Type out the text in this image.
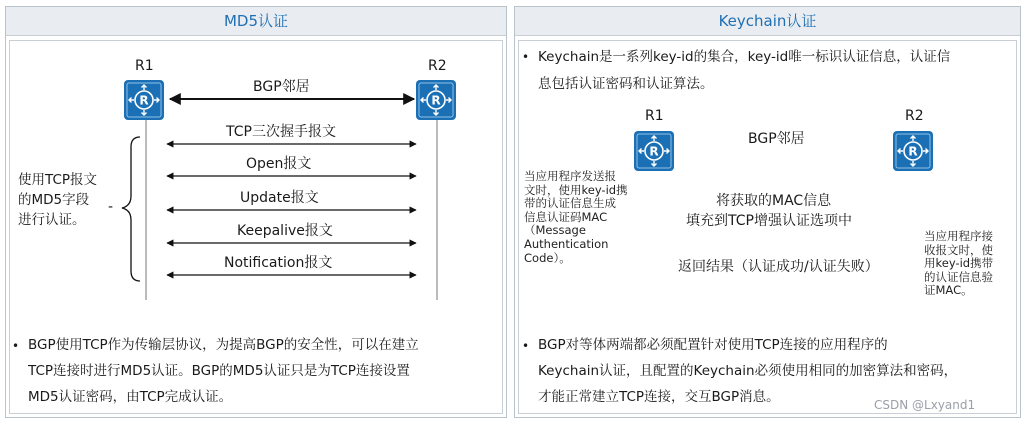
MD5认证
R1	R2
BGP邻居
TCP三次握手报文
Open报文
Update报文
Keepalive报文
Notification报文
使用TCP报文
的MD5字段
进行认证。
-
• BGP使用TCP作为传输层协议，为提高BGP的安全性，可以在建立
TCP连接时进行MD5认证。BGP的MD5认证只是为TCP连接设置
MD5认证密码，由TCP完成认证。
Keychain认证
• Keychain是一系列key-id的集合，key-id唯一标识认证信息，认证信
息包括认证密码和认证算法。
R1	R2
BGP邻居
当应用程序发送报
文时，使用key-id携
带的认证信息生成
信息认证码MAC
（Message
Authentication
Code）。
将获取的MAC信息
填充到TCP增强认证选项中
返回结果（认证成功/认证失败）
当应用程序接
收报文时，使
用key-id携带
的认证信息验
证MAC。
• BGP对等体两端都必须配置针对使用TCP连接的应用程序的
Keychain认证，且配置的Keychain必须使用相同的加密算法和密码，
才能正常建立TCP连接，交互BGP消息。	CSDN @Lxyand1
